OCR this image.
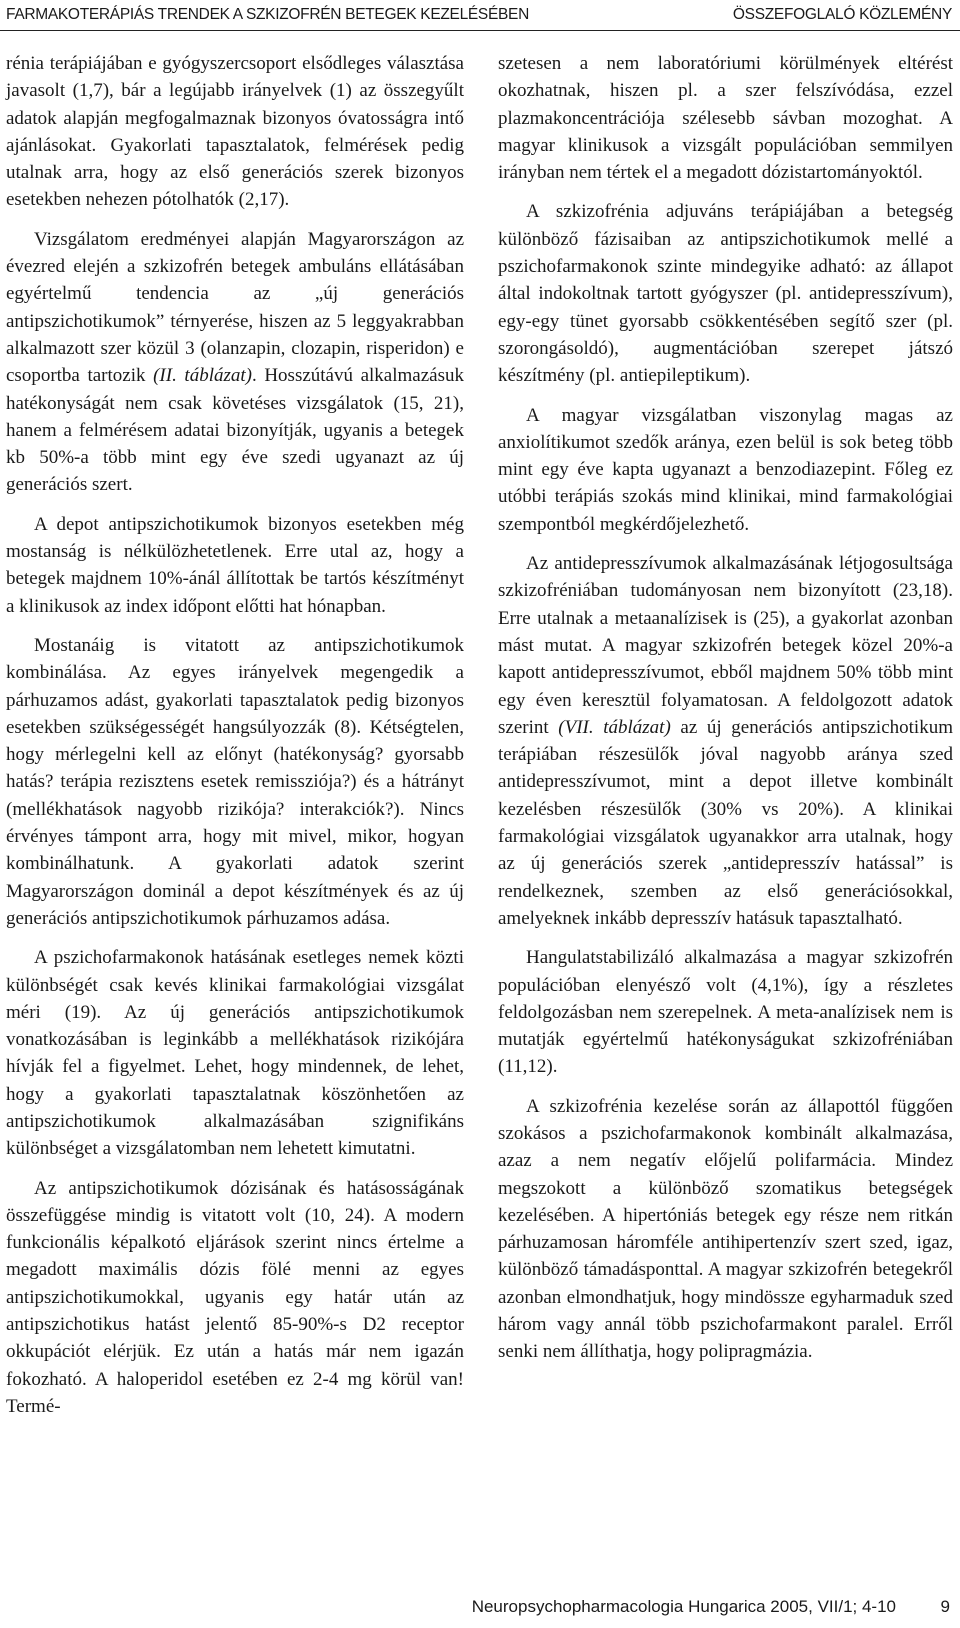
FARMAKOTERÁPIÁS TRENDEK A SZKIZOFRÉN BETEGEK KEZELÉSÉBEN	ÖSSZEFOGLALÓ KÖZLEMÉNY

rénia terápiájában e gyógyszercsoport elsődleges választása javasolt (1,7), bár a legújabb irányelvek (1) az összegyűlt adatok alapján megfogalmaznak bizonyos óvatosságra intő ajánlásokat. Gyakorlati tapasztalatok, felmérések pedig utalnak arra, hogy az első generációs szerek bizonyos esetekben nehezen pótolhatók (2,17).

Vizsgálatom eredményei alapján Magyarországon az évezred elején a szkizofrén betegek ambuláns ellátásában egyértelmű tendencia az „új generációs antipszichotikumok” térnyerése, hiszen az 5 leggyakrabban alkalmazott szer közül 3 (olanzapin, clozapin, risperidon) e csoportba tartozik (II. táblázat). Hosszútávú alkalmazásuk hatékonyságát nem csak követéses vizsgálatok (15, 21), hanem a felmérésem adatai bizonyítják, ugyanis a betegek kb 50%-a több mint egy éve szedi ugyanazt az új generációs szert.

A depot antipszichotikumok bizonyos esetekben még mostanság is nélkülözhetetlenek. Erre utal az, hogy a betegek majdnem 10%-ánál állítottak be tartós készítményt a klinikusok az index időpont előtti hat hónapban.

Mostanáig is vitatott az antipszichotikumok kombinálása. Az egyes irányelvek megengedik a párhuzamos adást, gyakorlati tapasztalatok pedig bizonyos esetekben szükségességét hangsúlyozzák (8). Kétségtelen, hogy mérlegelni kell az előnyt (hatékonyság? gyorsabb hatás? terápia rezisztens esetek remissziója?) és a hátrányt (mellékhatások nagyobb rizikója? interakciók?). Nincs érvényes támpont arra, hogy mit mivel, mikor, hogyan kombinálhatunk. A gyakorlati adatok szerint Magyarországon dominál a depot készítmények és az új generációs antipszichotikumok párhuzamos adása.

A pszichofarmakonok hatásának esetleges nemek közti különbségét csak kevés klinikai farmakológiai vizsgálat méri (19). Az új generációs antipszichotikumok vonatkozásában is leginkább a mellékhatások rizikójára hívják fel a figyelmet. Lehet, hogy mindennek, de lehet, hogy a gyakorlati tapasztalatnak köszönhetően az antipszichotikumok alkalmazásában szignifikáns különbséget a vizsgálatomban nem lehetett kimutatni.

Az antipszichotikumok dózisának és hatásosságának összefüggése mindig is vitatott volt (10, 24). A modern funkcionális képalkotó eljárások szerint nincs értelme a megadott maximális dózis fölé menni az egyes antipszichotikumokkal, ugyanis egy határ után az antipszichotikus hatást jelentő 85-90%-s D2 receptor okkupációt elérjük. Ez után a hatás már nem igazán fokozható. A haloperidol esetében ez 2-4 mg körül van! Termé-

szetesen a nem laboratóriumi körülmények eltérést okozhatnak, hiszen pl. a szer felszívódása, ezzel plazmakoncentrációja szélesebb sávban mozoghat. A magyar klinikusok a vizsgált populációban semmilyen irányban nem tértek el a megadott dózistartományoktól.

A szkizofrénia adjuváns terápiájában a betegség különböző fázisaiban az antipszichotikumok mellé a pszichofarmakonok szinte mindegyike adható: az állapot által indokoltnak tartott gyógyszer (pl. antidepresszívum), egy-egy tünet gyorsabb csökkentésében segítő szer (pl. szorongásoldó), augmentációban szerepet játszó készítmény (pl. antiepileptikum).

A magyar vizsgálatban viszonylag magas az anxiolítikumot szedők aránya, ezen belül is sok beteg több mint egy éve kapta ugyanazt a benzodiazepint. Főleg ez utóbbi terápiás szokás mind klinikai, mind farmakológiai szempontból megkérdőjelezhető.

Az antidepresszívumok alkalmazásának létjogosultsága szkizofréniában tudományosan nem bizonyított (23,18). Erre utalnak a metaanalízisek is (25), a gyakorlat azonban mást mutat. A magyar szkizofrén betegek közel 20%-a kapott antidepresszívumot, ebből majdnem 50% több mint egy éven keresztül folyamatosan. A feldolgozott adatok szerint (VII. táblázat) az új generációs antipszichotikum terápiában részesülők jóval nagyobb aránya szed antidepresszívumot, mint a depot illetve kombinált kezelésben részesülők (30% vs 20%). A klinikai farmakológiai vizsgálatok ugyanakkor arra utalnak, hogy az új generációs szerek „antidepresszív hatással” is rendelkeznek, szemben az első generációsokkal, amelyeknek inkább depresszív hatásuk tapasztalható.

Hangulatstabilizáló alkalmazása a magyar szkizofrén populációban elenyésző volt (4,1%), így a részletes feldolgozásban nem szerepelnek. A meta-analízisek nem is mutatják egyértelmű hatékonyságukat szkizofréniában (11,12).

A szkizofrénia kezelése során az állapottól függően szokásos a pszichofarmakonok kombinált alkalmazása, azaz a nem negatív előjelű polifarmácia. Mindez megszokott a különböző szomatikus betegségek kezelésében. A hipertóniás betegek egy része nem ritkán párhuzamosan háromféle antihipertenzív szert szed, igaz, különböző támadásponttal. A magyar szkizofrén betegekről azonban elmondhatjuk, hogy mindössze egyharmaduk szed három vagy annál több pszichofarmakont paralel. Erről senki nem állíthatja, hogy polipragmázia.

Neuropsychopharmacologia Hungarica 2005, VII/1; 4-10	9
